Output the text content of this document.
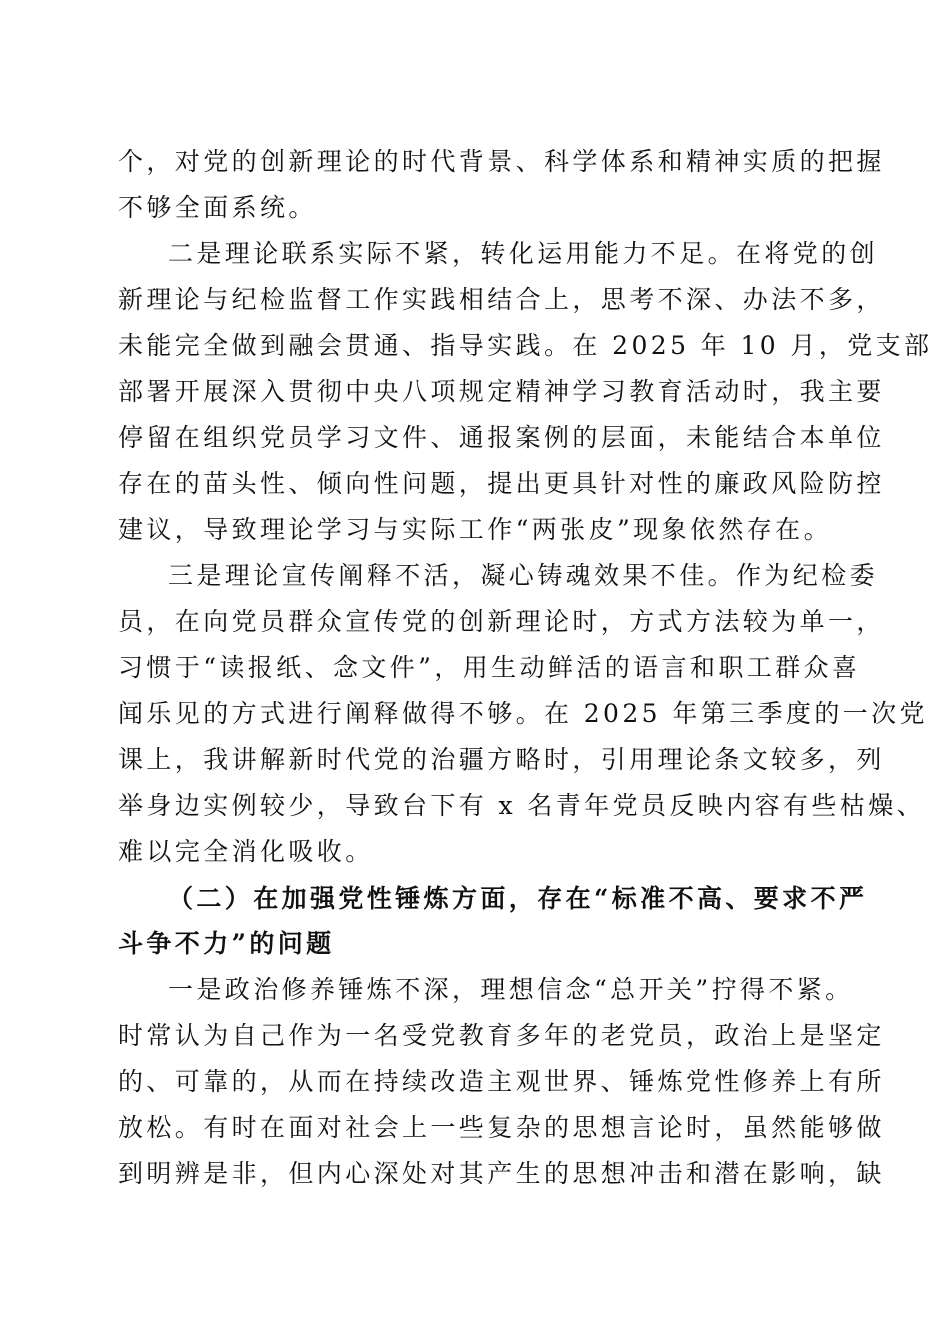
个，对党的创新理论的时代背景、科学体系和精神实质的把握
不够全面系统。
二是理论联系实际不紧，转化运用能力不足。在将党的创
新理论与纪检监督工作实践相结合上，思考不深、办法不多，
未能完全做到融会贯通、指导实践。在 2025 年 10 月，党支部
部署开展深入贯彻中央八项规定精神学习教育活动时，我主要
停留在组织党员学习文件、通报案例的层面，未能结合本单位
存在的苗头性、倾向性问题，提出更具针对性的廉政风险防控
建议，导致理论学习与实际工作“两张皮”现象依然存在。
三是理论宣传阐释不活，凝心铸魂效果不佳。作为纪检委
员，在向党员群众宣传党的创新理论时，方式方法较为单一，
习惯于“读报纸、念文件”，用生动鲜活的语言和职工群众喜
闻乐见的方式进行阐释做得不够。在 2025 年第三季度的一次党
课上，我讲解新时代党的治疆方略时，引用理论条文较多，列
举身边实例较少，导致台下有 x 名青年党员反映内容有些枯燥、
难以完全消化吸收。
（二）在加强党性锤炼方面，存在“标准不高、要求不严
斗争不力”的问题
一是政治修养锤炼不深，理想信念“总开关”拧得不紧。
时常认为自己作为一名受党教育多年的老党员，政治上是坚定
的、可靠的，从而在持续改造主观世界、锤炼党性修养上有所
放松。有时在面对社会上一些复杂的思想言论时，虽然能够做
到明辨是非，但内心深处对其产生的思想冲击和潜在影响，缺
